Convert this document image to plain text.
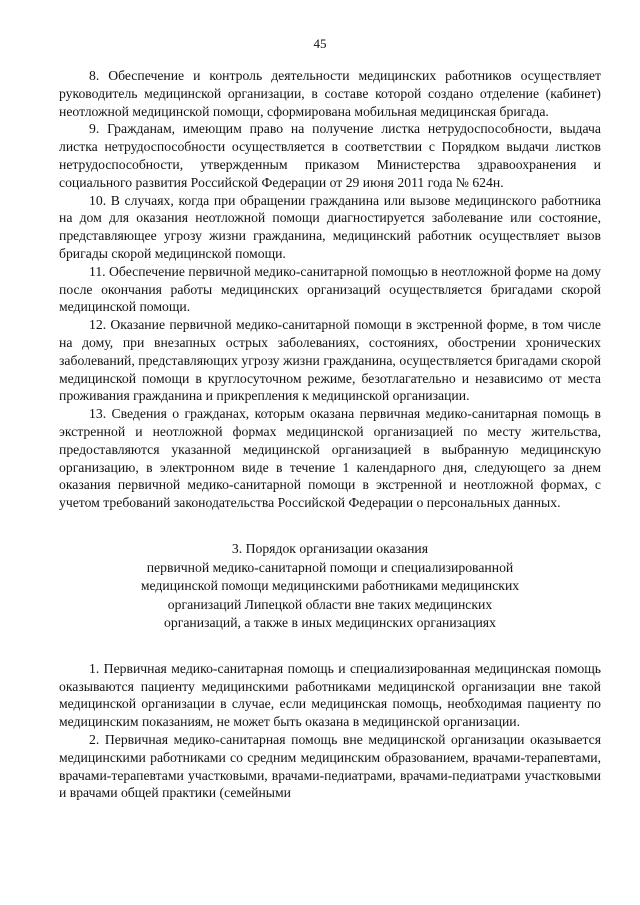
45

8. Обеспечение и контроль деятельности медицинских работников осуществляет руководитель медицинской организации, в составе которой создано отделение (кабинет) неотложной медицинской помощи, сформирована мобильная медицинская бригада.

9. Гражданам, имеющим право на получение листка нетрудоспособности, выдача листка нетрудоспособности осуществляется в соответствии с Порядком выдачи листков нетрудоспособности, утвержденным приказом Министерства здравоохранения и социального развития Российской Федерации от 29 июня 2011 года № 624н.

10. В случаях, когда при обращении гражданина или вызове медицинского работника на дом для оказания неотложной помощи диагностируется заболевание или состояние, представляющее угрозу жизни гражданина, медицинский работник осуществляет вызов бригады скорой медицинской помощи.

11. Обеспечение первичной медико-санитарной помощью в неотложной форме на дому после окончания работы медицинских организаций осуществляется бригадами скорой медицинской помощи.

12. Оказание первичной медико-санитарной помощи в экстренной форме, в том числе на дому, при внезапных острых заболеваниях, состояниях, обострении хронических заболеваний, представляющих угрозу жизни гражданина, осуществляется бригадами скорой медицинской помощи в круглосуточном режиме, безотлагательно и независимо от места проживания гражданина и прикрепления к медицинской организации.

13. Сведения о гражданах, которым оказана первичная медико-санитарная помощь в экстренной и неотложной формах медицинской организацией по месту жительства, предоставляются указанной медицинской организацией в выбранную медицинскую организацию, в электронном виде в течение 1 календарного дня, следующего за днем оказания первичной медико-санитарной помощи в экстренной и неотложной формах, с учетом требований законодательства Российской Федерации о персональных данных.

3. Порядок организации оказания
первичной медико-санитарной помощи и специализированной
медицинской помощи медицинскими работниками медицинских
организаций Липецкой области вне таких медицинских
организаций, а также в иных медицинских организациях

1. Первичная медико-санитарная помощь и специализированная медицинская помощь оказываются пациенту медицинскими работниками медицинской организации вне такой медицинской организации в случае, если медицинская помощь, необходимая пациенту по медицинским показаниям, не может быть оказана в медицинской организации.

2. Первичная медико-санитарная помощь вне медицинской организации оказывается медицинскими работниками со средним медицинским образованием, врачами-терапевтами, врачами-терапевтами участковыми, врачами-педиатрами, врачами-педиатрами участковыми и врачами общей практики (семейными
